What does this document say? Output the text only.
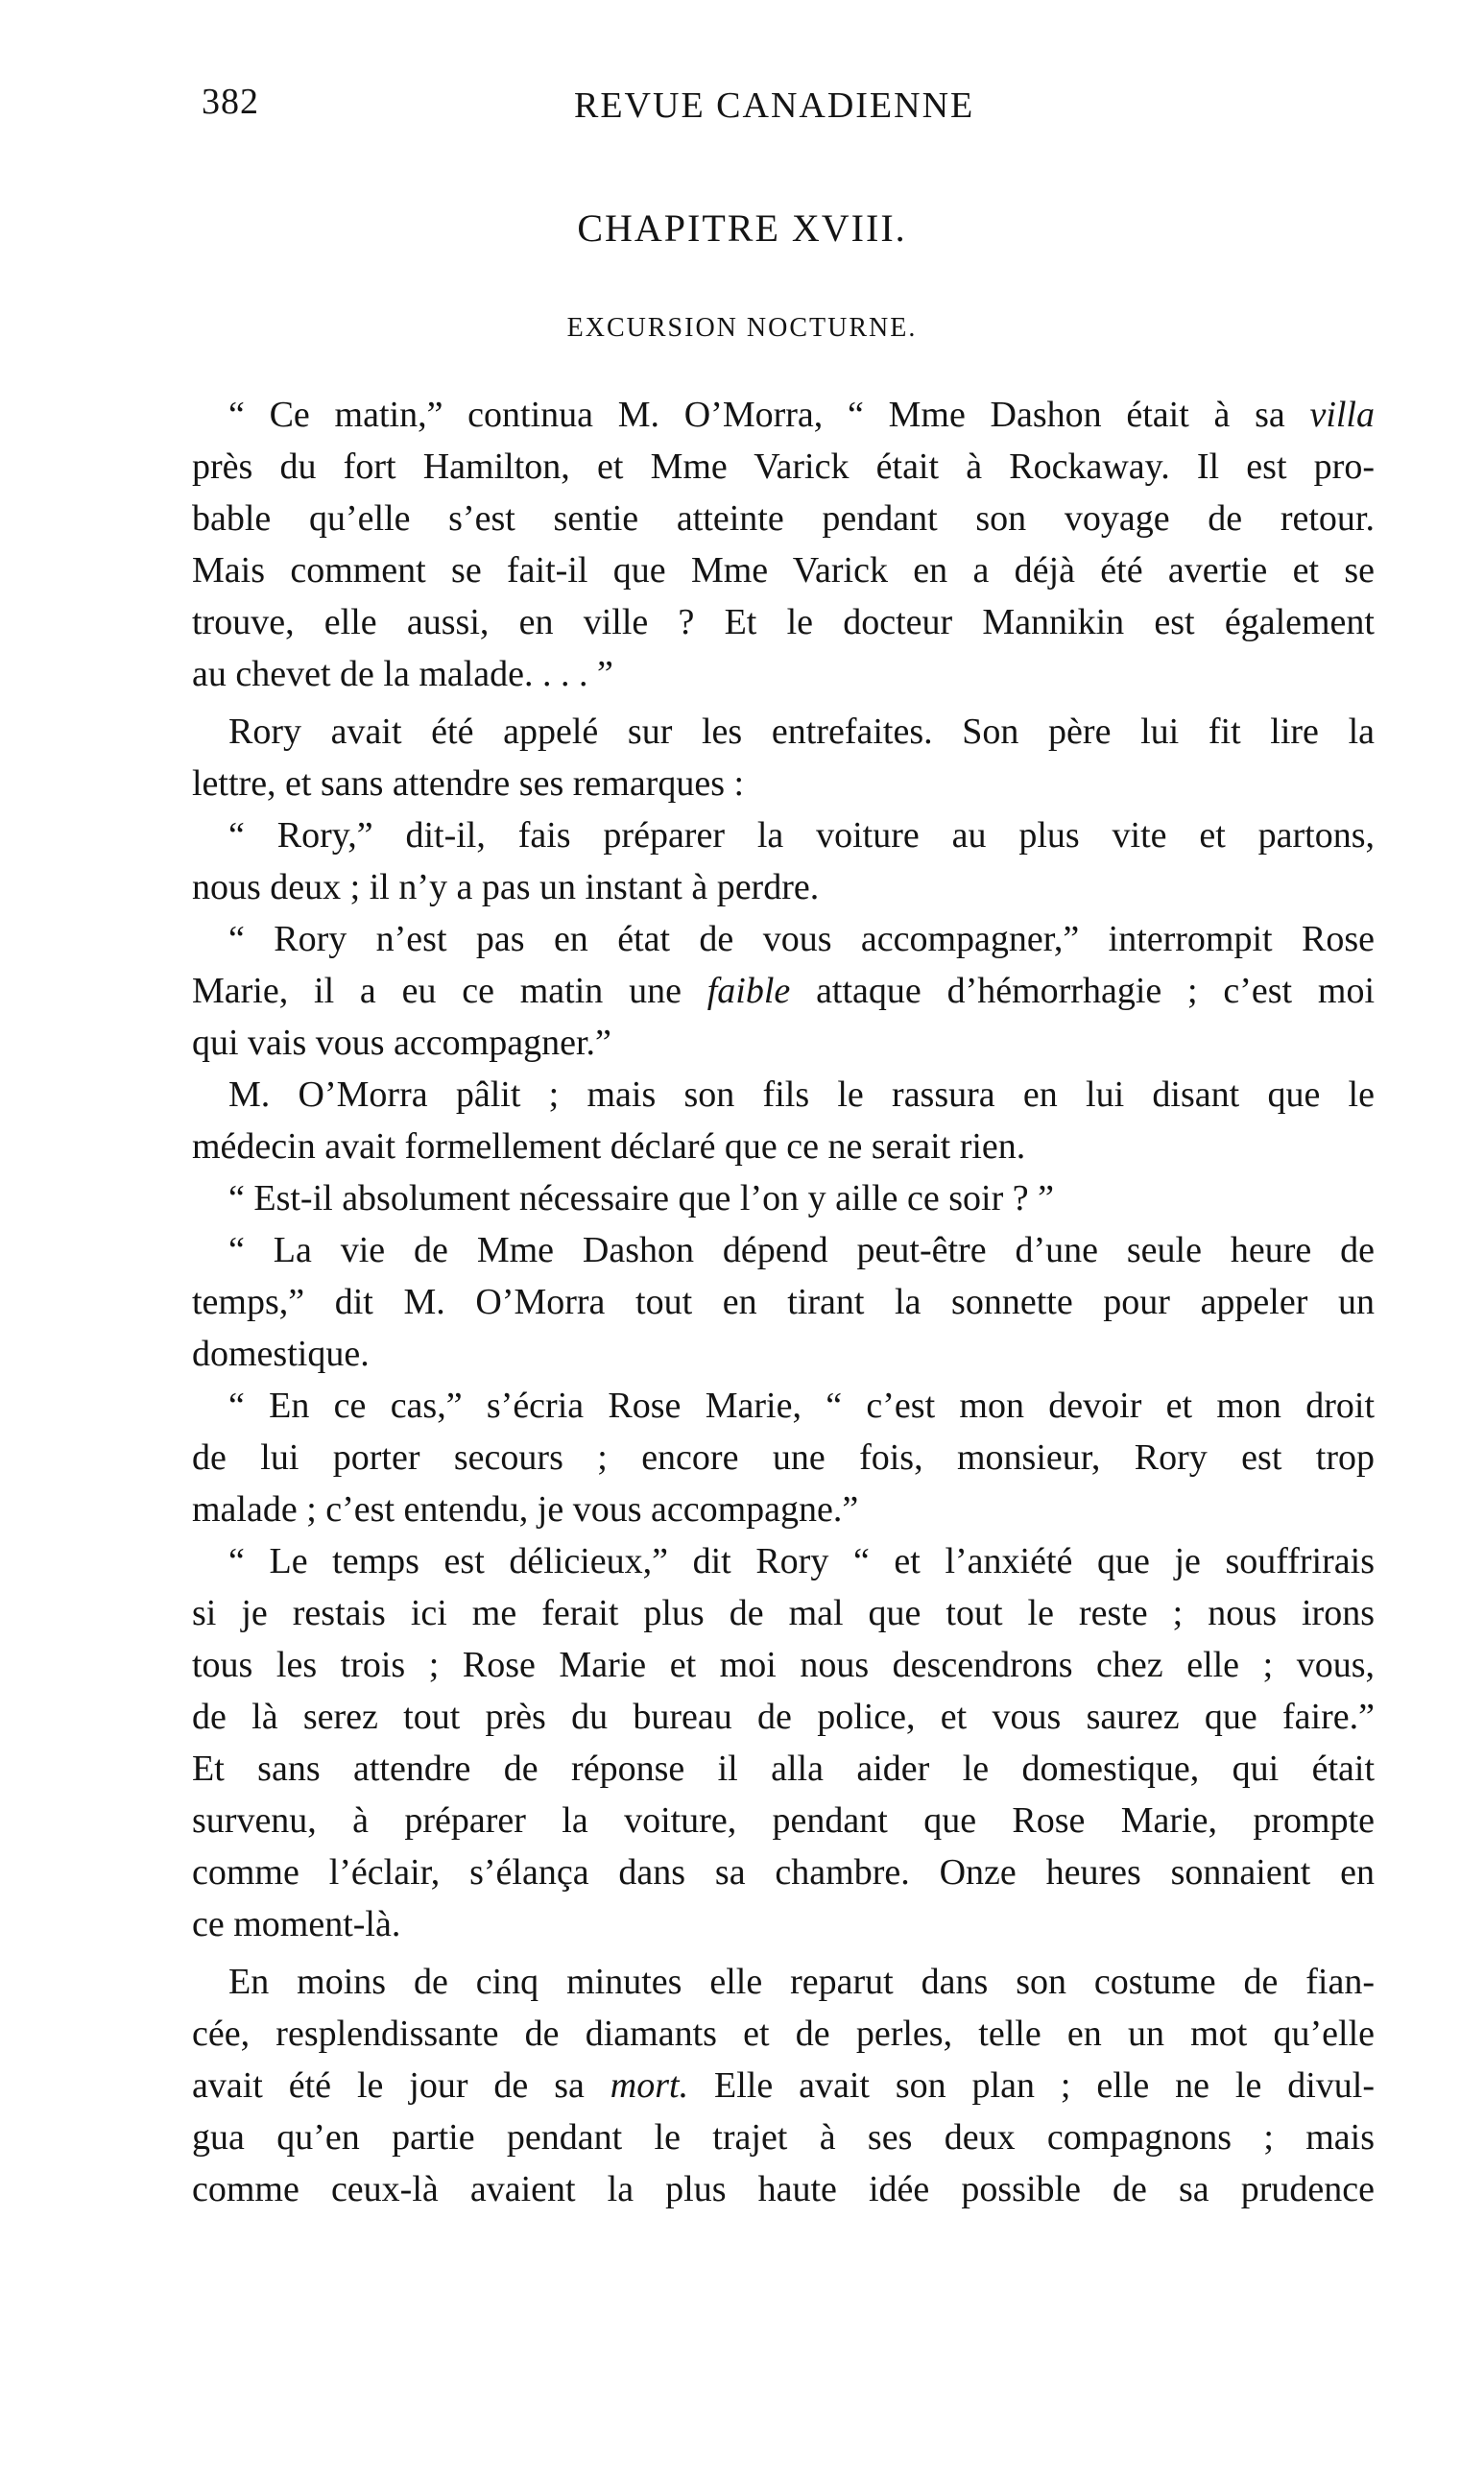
382	REVUE CANADIENNE
CHAPITRE XVIII.
EXCURSION NOCTURNE.
“ Ce matin,” continua M. O’Morra, “ Mme Dashon était à sa villa
près du fort Hamilton, et Mme Varick était à Rockaway. Il est pro-
bable qu’elle s’est sentie atteinte pendant son voyage de retour.
Mais comment se fait-il que Mme Varick en a déjà été avertie et se
trouve, elle aussi, en ville ? Et le docteur Mannikin est également
au chevet de la malade. . . . ”
Rory avait été appelé sur les entrefaites. Son père lui fit lire la
lettre, et sans attendre ses remarques :
“ Rory,” dit-il, fais préparer la voiture au plus vite et partons,
nous deux ; il n’y a pas un instant à perdre.
“ Rory n’est pas en état de vous accompagner,” interrompit Rose
Marie, il a eu ce matin une faible attaque d’hémorrhagie ; c’est moi
qui vais vous accompagner.”
M. O’Morra pâlit ; mais son fils le rassura en lui disant que le
médecin avait formellement déclaré que ce ne serait rien.
“ Est-il absolument nécessaire que l’on y aille ce soir ? ”
“ La vie de Mme Dashon dépend peut-être d’une seule heure de
temps,” dit M. O’Morra tout en tirant la sonnette pour appeler un
domestique.
“ En ce cas,” s’écria Rose Marie, “ c’est mon devoir et mon droit
de lui porter secours ; encore une fois, monsieur, Rory est trop
malade ; c’est entendu, je vous accompagne.”
“ Le temps est délicieux,” dit Rory “ et l’anxiété que je souffrirais
si je restais ici me ferait plus de mal que tout le reste ; nous irons
tous les trois ; Rose Marie et moi nous descendrons chez elle ; vous,
de là serez tout près du bureau de police, et vous saurez que faire.”
Et sans attendre de réponse il alla aider le domestique, qui était
survenu, à préparer la voiture, pendant que Rose Marie, prompte
comme l’éclair, s’élança dans sa chambre. Onze heures sonnaient en
ce moment-là.
En moins de cinq minutes elle reparut dans son costume de fian-
cée, resplendissante de diamants et de perles, telle en un mot qu’elle
avait été le jour de sa mort. Elle avait son plan ; elle ne le divul-
gua qu’en partie pendant le trajet à ses deux compagnons ; mais
comme ceux-là avaient la plus haute idée possible de sa prudence
